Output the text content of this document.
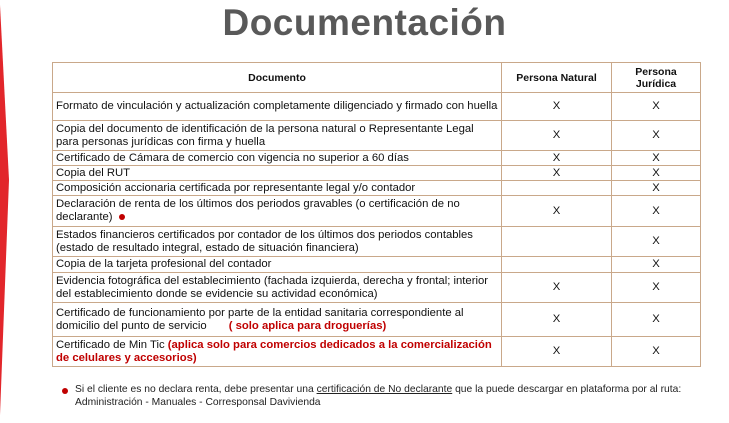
Documentación
Documento	Persona Natural	Persona Jurídica
Formato de vinculación y actualización completamente diligenciado y firmado con huella	X	X
Copia del documento de identificación de la persona natural o Representante Legal para personas jurídicas con firma y huella	X	X
Certificado de Cámara de comercio con vigencia no superior a 60 días	X	X
Copia del RUT	X	X
Composición accionaria certificada por representante legal y/o contador		X
Declaración de renta de los últimos dos periodos gravables (o certificación de no declarante)	X	X
Estados financieros certificados por contador de los últimos dos periodos contables (estado de resultado integral, estado de situación financiera)		X
Copia de la tarjeta profesional del contador		X
Evidencia fotográfica del establecimiento (fachada izquierda, derecha y frontal; interior del establecimiento donde se evidencie su actividad económica)	X	X
Certificado de funcionamiento por parte de la entidad sanitaria correspondiente al domicilio del punto de servicio ( solo aplica para droguerías)	X	X
Certificado de Min Tic (aplica solo para comercios dedicados a la comercialización de celulares y accesorios)	X	X
Si el cliente es no declara renta, debe presentar una certificación de No declarante que la puede descargar en plataforma por al ruta: Administración - Manuales - Corresponsal Davivienda
